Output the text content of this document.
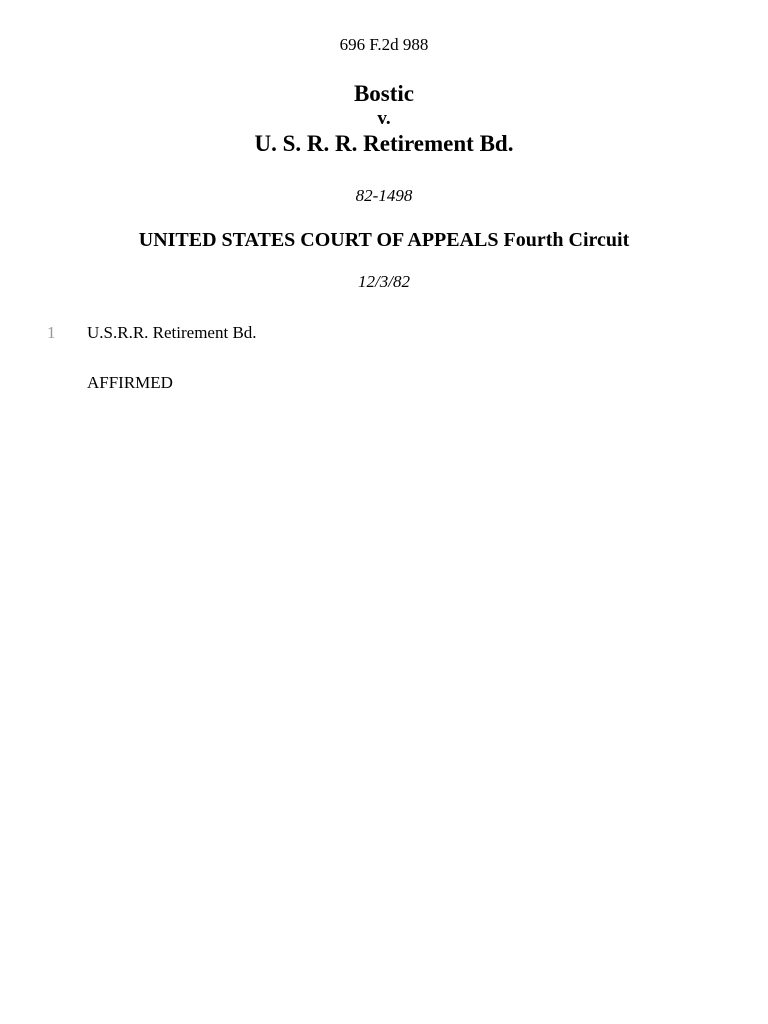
696 F.2d 988
Bostic
v.
U. S. R. R. Retirement Bd.
82-1498
UNITED STATES COURT OF APPEALS Fourth Circuit
12/3/82
1 U.S.R.R. Retirement Bd.
AFFIRMED
